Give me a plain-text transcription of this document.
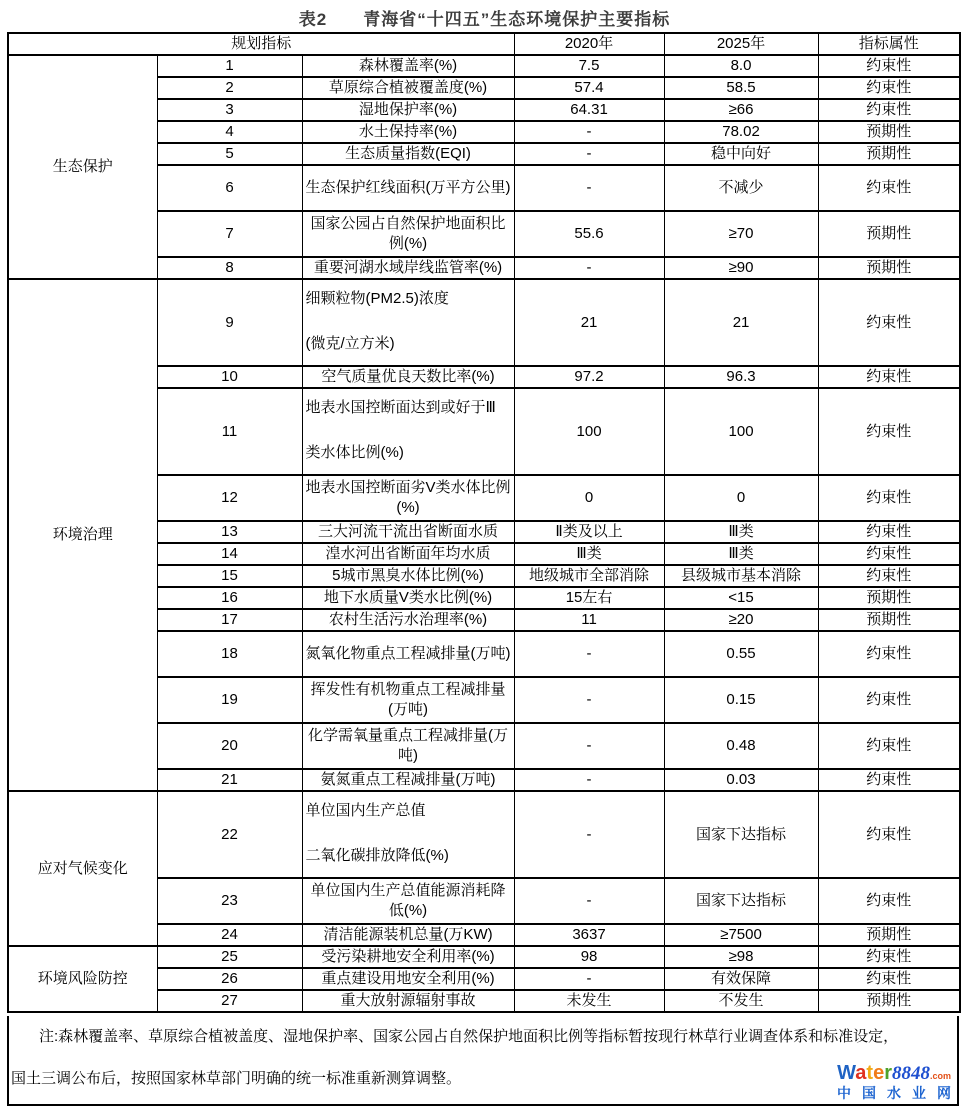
表2　　青海省“十四五”生态环境保护主要指标
规划指标			2020年	2025年	指标属性
生态保护	1	森林覆盖率(%)	7.5	8.0	约束性
	2	草原综合植被覆盖度(%)	57.4	58.5	约束性
	3	湿地保护率(%)	64.31	≥66	约束性
	4	水土保持率(%)	-	78.02	预期性
	5	生态质量指数(EQI)	-	稳中向好	预期性
	6	生态保护红线面积(万平方公里)	-	不减少	约束性
	7	国家公园占自然保护地面积比例(%)	55.6	≥70	预期性
	8	重要河湖水域岸线监管率(%)	-	≥90	预期性
环境治理	9	细颗粒物(PM2.5)浓度
(微克/立方米)	21	21	约束性
	10	空气质量优良天数比率(%)	97.2	96.3	约束性
	11	地表水国控断面达到或好于Ⅲ
类水体比例(%)	100	100	约束性
	12	地表水国控断面劣V类水体比例(%)	0	0	约束性
	13	三大河流干流出省断面水质	Ⅱ类及以上	Ⅲ类	约束性
	14	湟水河出省断面年均水质	Ⅲ类	Ⅲ类	约束性
	15	5城市黑臭水体比例(%)	地级城市全部消除	县级城市基本消除	约束性
	16	地下水质量V类水比例(%)	15左右	<15	预期性
	17	农村生活污水治理率(%)	11	≥20	预期性
	18	氮氧化物重点工程减排量(万吨)	-	0.55	约束性
	19	挥发性有机物重点工程减排量(万吨)	-	0.15	约束性
	20	化学需氧量重点工程减排量(万吨)	-	0.48	约束性
	21	氨氮重点工程减排量(万吨)	-	0.03	约束性
应对气候变化	22	单位国内生产总值
二氧化碳排放降低(%)	-	国家下达指标	约束性
	23	单位国内生产总值能源消耗降低(%)	-	国家下达指标	约束性
	24	清洁能源装机总量(万KW)	3637	≥7500	预期性
环境风险防控	25	受污染耕地安全利用率(%)	98	≥98	约束性
	26	重点建设用地安全利用(%)	-	有效保障	约束性
	27	重大放射源辐射事故	未发生	不发生	预期性

注:森林覆盖率、草原综合植被盖度、湿地保护率、国家公园占自然保护地面积比例等指标暂按现行林草行业调查体系和标准设定，

国土三调公布后，按照国家林草部门明确的统一标准重新测算调整。	Water8848.com
中国水业网
